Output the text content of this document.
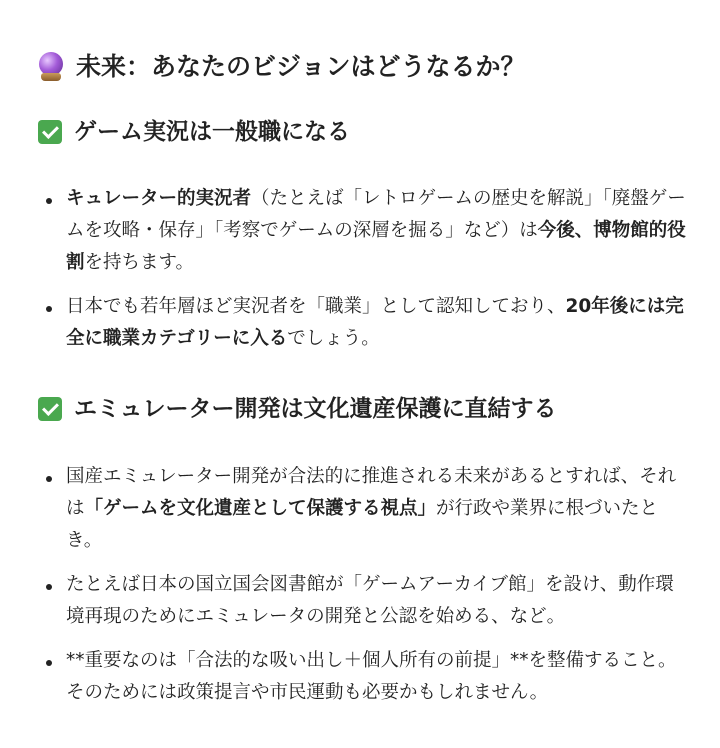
未来：あなたのビジョンはどうなるか？
ゲーム実況は一般職になる
キュレーター的実況者（たとえば「レトロゲームの歴史を解説」「廃盤ゲームを攻略・保存」「考察でゲームの深層を掘る」など）は今後、博物館的役割を持ちます。
日本でも若年層ほど実況者を「職業」として認知しており、20年後には完全に職業カテゴリーに入るでしょう。
エミュレーター開発は文化遺産保護に直結する
国産エミュレーター開発が合法的に推進される未来があるとすれば、それは「ゲームを文化遺産として保護する視点」が行政や業界に根づいたとき。
たとえば日本の国立国会図書館が「ゲームアーカイブ館」を設け、動作環境再現のためにエミュレータの開発と公認を始める、など。
**重要なのは「合法的な吸い出し＋個人所有の前提」**を整備すること。そのためには政策提言や市民運動も必要かもしれません。
